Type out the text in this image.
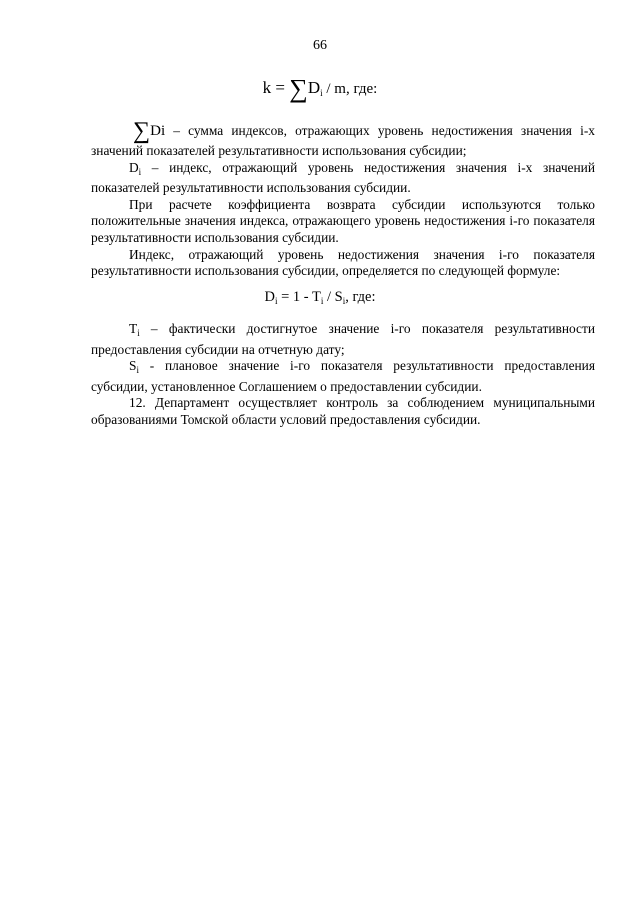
66
$k = \sum D_i / m$, где:

∑Di – сумма индексов, отражающих уровень недостижения значения i-х значений показателей результативности использования субсидии;

$D_i$ – индекс, отражающий уровень недостижения значения i-х значений показателей результативности использования субсидии.

При расчете коэффициента возврата субсидии используются только положительные значения индекса, отражающего уровень недостижения i-го показателя результативности использования субсидии.

Индекс, отражающий уровень недостижения значения i-го показателя результативности использования субсидии, определяется по следующей формуле:

$D_i = 1 - T_i / S_i$, где:

$T_i$ – фактически достигнутое значение i-го показателя результативности предоставления субсидии на отчетную дату;

$S_i$ - плановое значение i-го показателя результативности предоставления субсидии, установленное Соглашением о предоставлении субсидии.

12. Департамент осуществляет контроль за соблюдением муниципальными образованиями Томской области условий предоставления субсидии.
